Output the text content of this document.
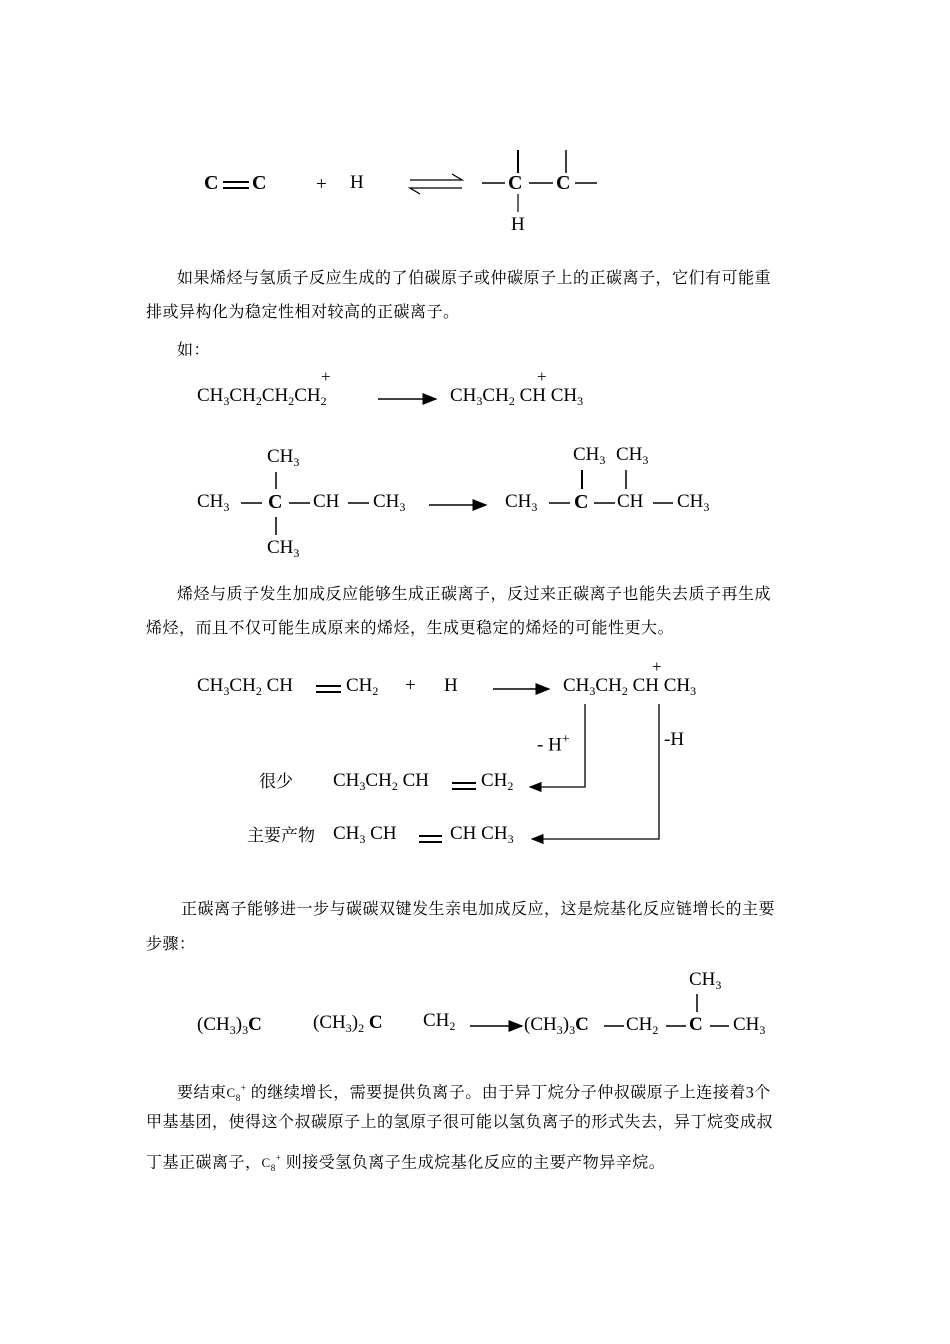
C C	+ H	C C
H
如果烯烃与氢质子反应生成的了伯碳原子或仲碳原子上的正碳离子，它们有可能重
排或异构化为稳定性相对较高的正碳离子。
如：
$CH_3CH_2CH_2CH_2$
+
$CH_3CH_2$ CH $CH_3$
+
$CH_3$
$CH_3$ C CH $CH_3$
$CH_3$
$CH_3$ $CH_3$
$CH_3$ C CH $CH_3$
烯烃与质子发生加成反应能够生成正碳离子，反过来正碳离子也能失去质子再生成
烯烃，而且不仅可能生成原来的烯烃，生成更稳定的烯烃的可能性更大。
$CH_3CH_2$ CH	$CH_2 + H$	$CH_3CH_2$ CH $CH_3$
+
- H+	-H
很少 $CH_3CH_2$ CH	$CH_2$
主要产物 $CH_3$ CH	CH $CH_3$
正碳离子能够进一步与碳碳双键发生亲电加成反应，这是烷基化反应链增长的主要
步骤：
$CH_3$
$(CH_3)_3C$	$(CH_3)_2$ C $CH_2$	$(CH_3)_3C$ $CH_2$ C $CH_3$
要结束$C_8^+$ 的继续增长，需要提供负离子。由于异丁烷分子仲叔碳原子上连接着3个
甲基基团，使得这个叔碳原子上的氢原子很可能以氢负离子的形式失去，异丁烷变成叔
丁基正碳离子，$C_8^+$ 则接受氢负离子生成烷基化反应的主要产物异辛烷。
